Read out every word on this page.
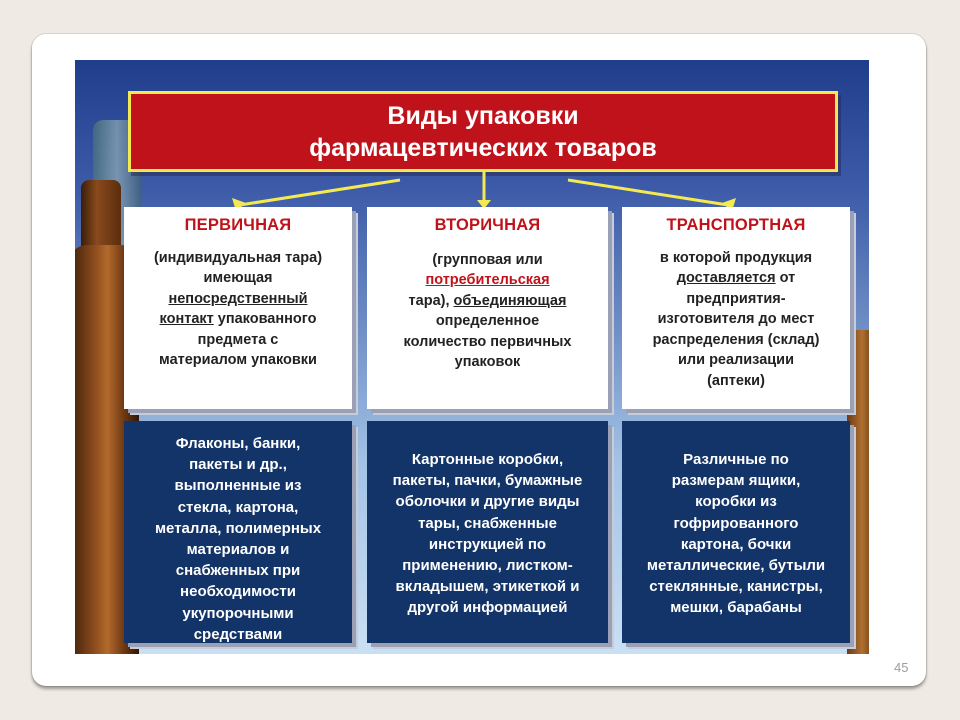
Виды упаковки
фармацевтических товаров
ПЕРВИЧНАЯ
(индивидуальная тара)
имеющая
непосредственный
контакт упакованного
предмета с
материалом упаковки
Флаконы, банки,
пакеты и др.,
выполненные из
стекла, картона,
металла, полимерных
материалов и
снабженных при
необходимости
укупорочными
средствами
ВТОРИЧНАЯ
(групповая или
потребительская
тара), объединяющая
определенное
количество первичных
упаковок
Картонные коробки,
пакеты, пачки, бумажные
оболочки и другие виды
тары, снабженные
инструкцией по
применению, листком-
вкладышем, этикеткой и
другой информацией
ТРАНСПОРТНАЯ
в которой продукция
доставляется от
предприятия-
изготовителя до мест
распределения (склад)
или реализации
(аптеки)
Различные по
размерам ящики,
коробки из
гофрированного
картона, бочки
металлические, бутыли
стеклянные, канистры,
мешки, барабаны
45
